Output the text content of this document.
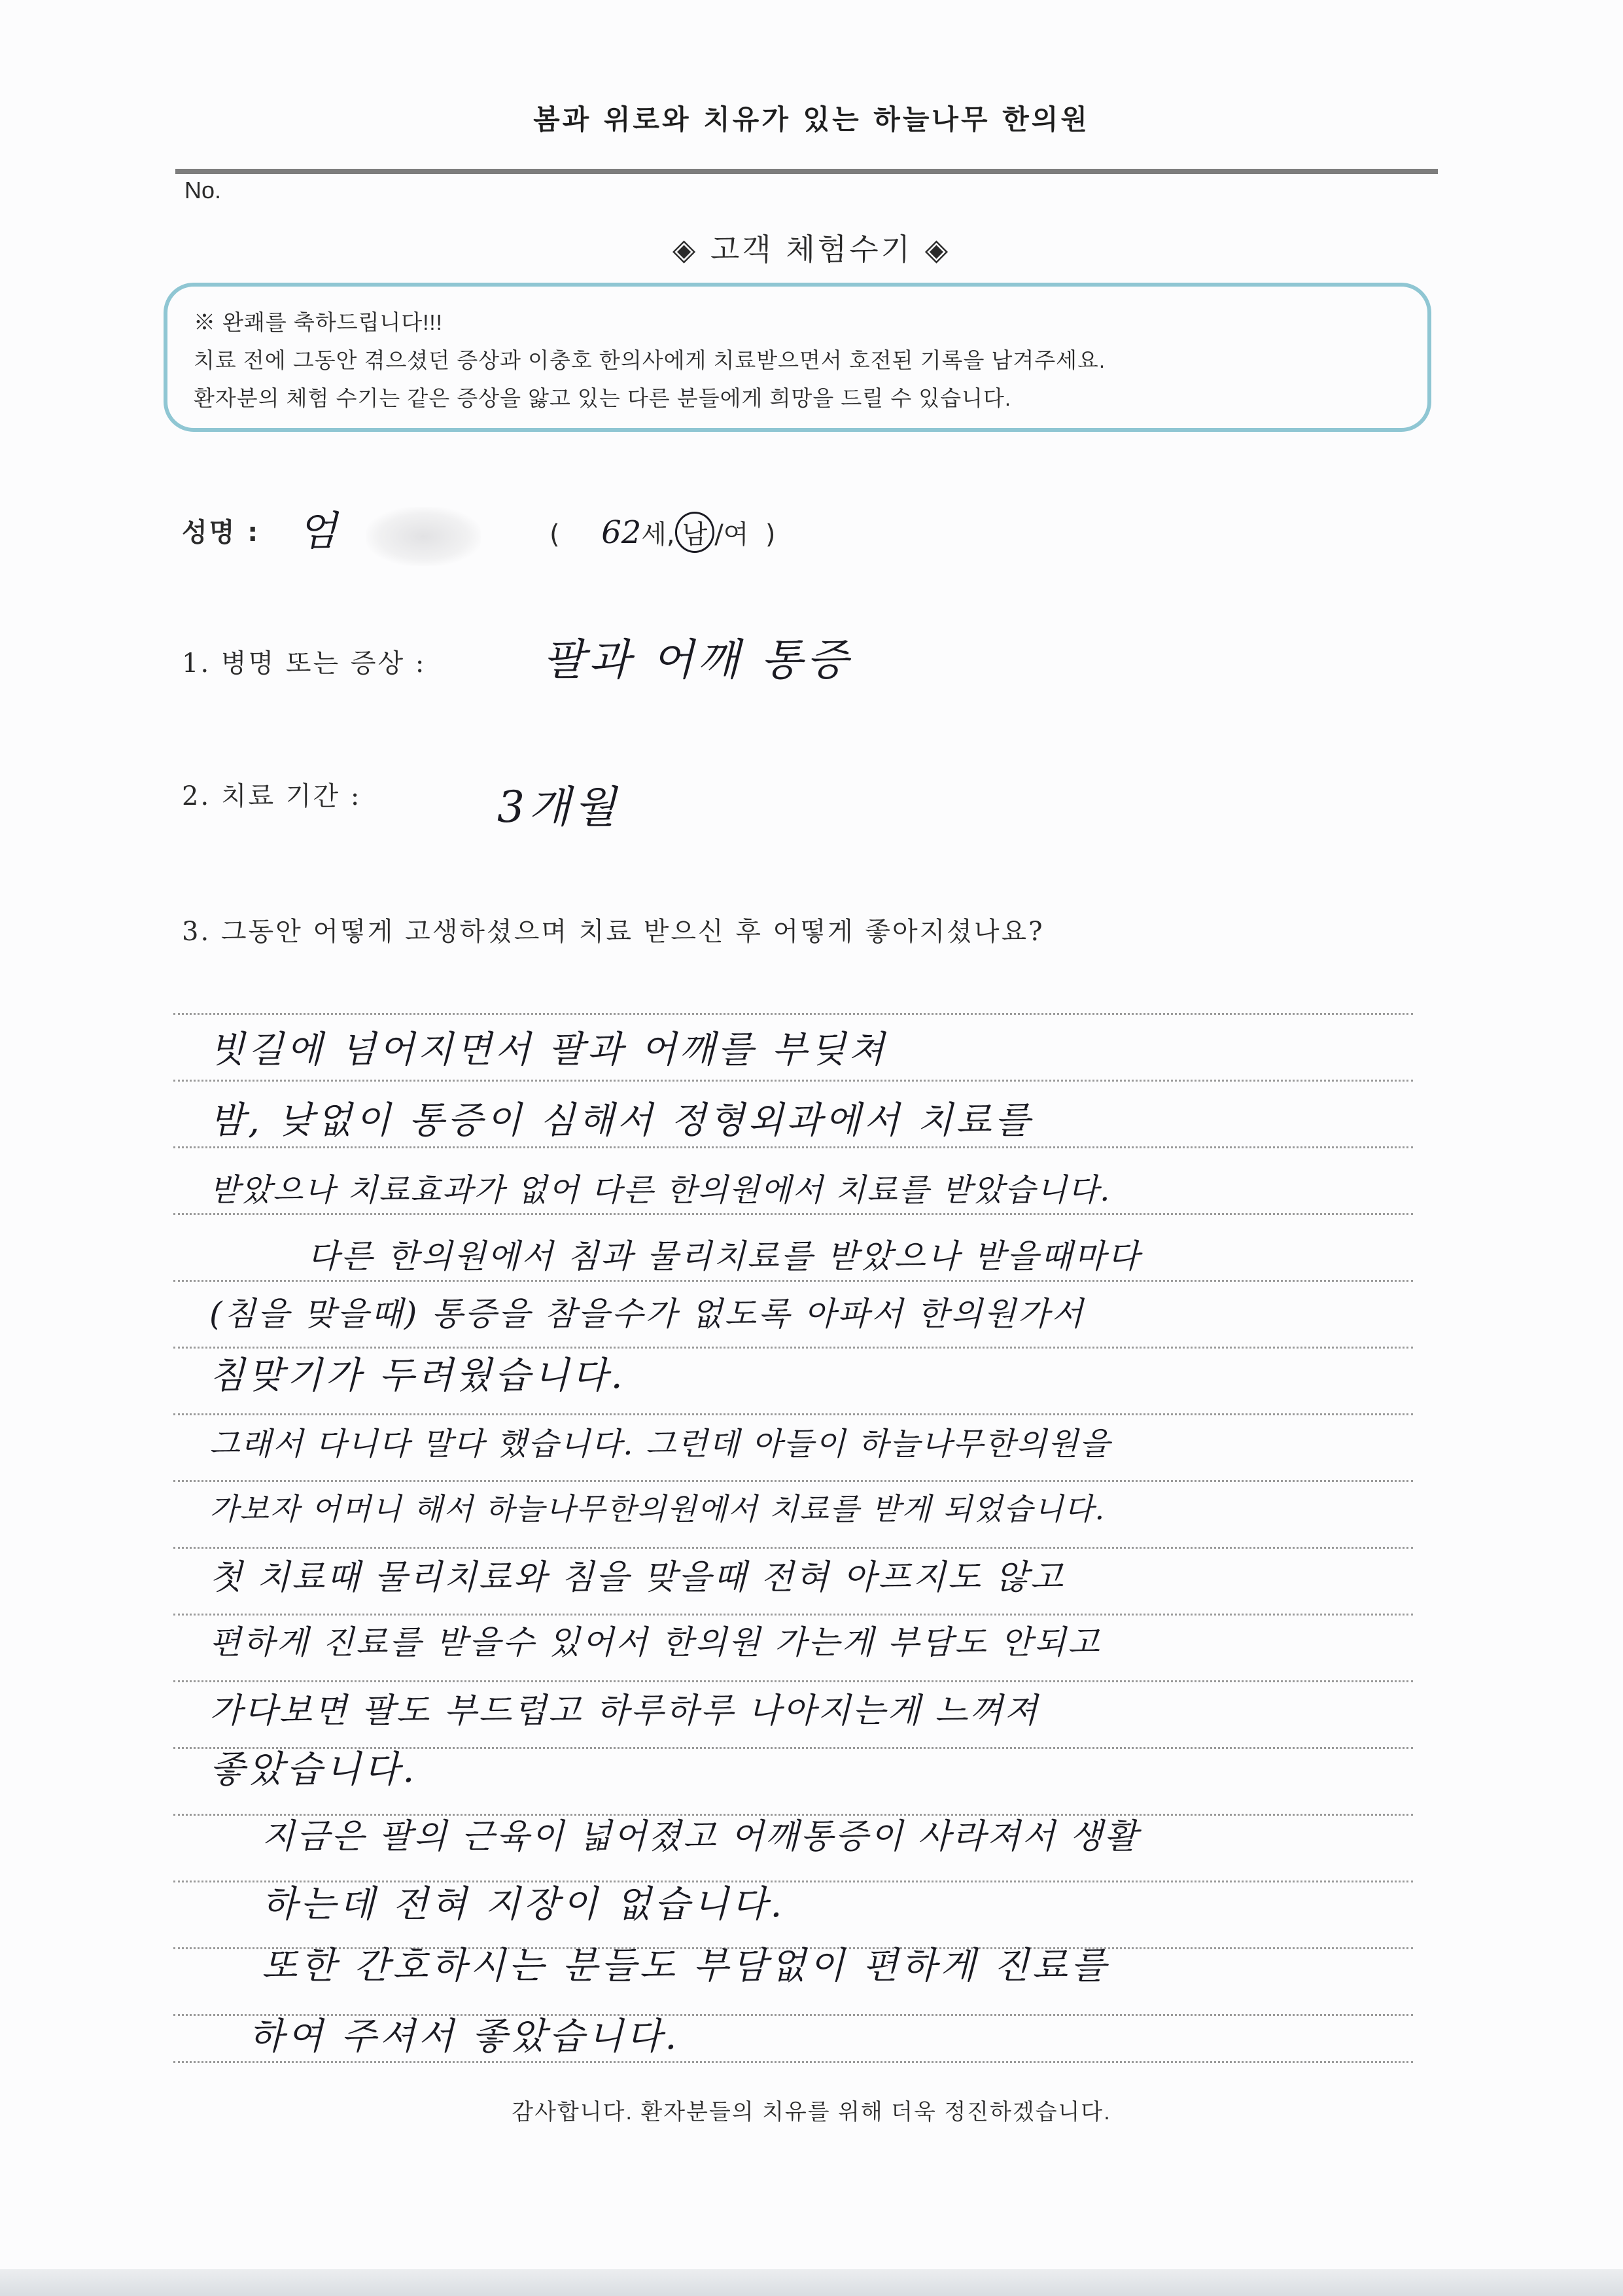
봄과 위로와 치유가 있는 하늘나무 한의원
No.
◈ 고객 체험수기 ◈
※ 완쾌를 축하드립니다!!!
치료 전에 그동안 겪으셨던 증상과 이충호 한의사에게 치료받으면서 호전된 기록을 남겨주세요.
환자분의 체험 수기는 같은 증상을 앓고 있는 다른 분들에게 희망을 드릴 수 있습니다.
성명 : 엄	( 62세, 남 /여 )
1. 병명 또는 증상 :	팔과 어깨 통증
2. 치료 기간 :	3개월
3. 그동안 어떻게 고생하셨으며 치료 받으신 후 어떻게 좋아지셨나요?
빗길에 넘어지면서 팔과 어깨를 부딪쳐
밤, 낮없이 통증이 심해서 정형외과에서 치료를
받았으나 치료효과가 없어 다른 한의원에서 치료를 받았습니다.
다른 한의원에서 침과 물리치료를 받았으나 받을때마다
(침을 맞을때) 통증을 참을수가 없도록 아파서 한의원가서
침맞기가 두려웠습니다.
그래서 다니다 말다 했습니다. 그런데 아들이 하늘나무한의원을
가보자 어머니 해서 하늘나무한의원에서 치료를 받게 되었습니다.
첫 치료때 물리치료와 침을 맞을때 전혀 아프지도 않고
편하게 진료를 받을수 있어서 한의원 가는게 부담도 안되고
가다보면 팔도 부드럽고 하루하루 나아지는게 느껴져
좋았습니다.
지금은 팔의 근육이 넓어졌고 어깨통증이 사라져서 생활
하는데 전혀 지장이 없습니다.
또한 간호하시는 분들도 부담없이 편하게 진료를
하여 주셔서 좋았습니다.
감사합니다. 환자분들의 치유를 위해 더욱 정진하겠습니다.
